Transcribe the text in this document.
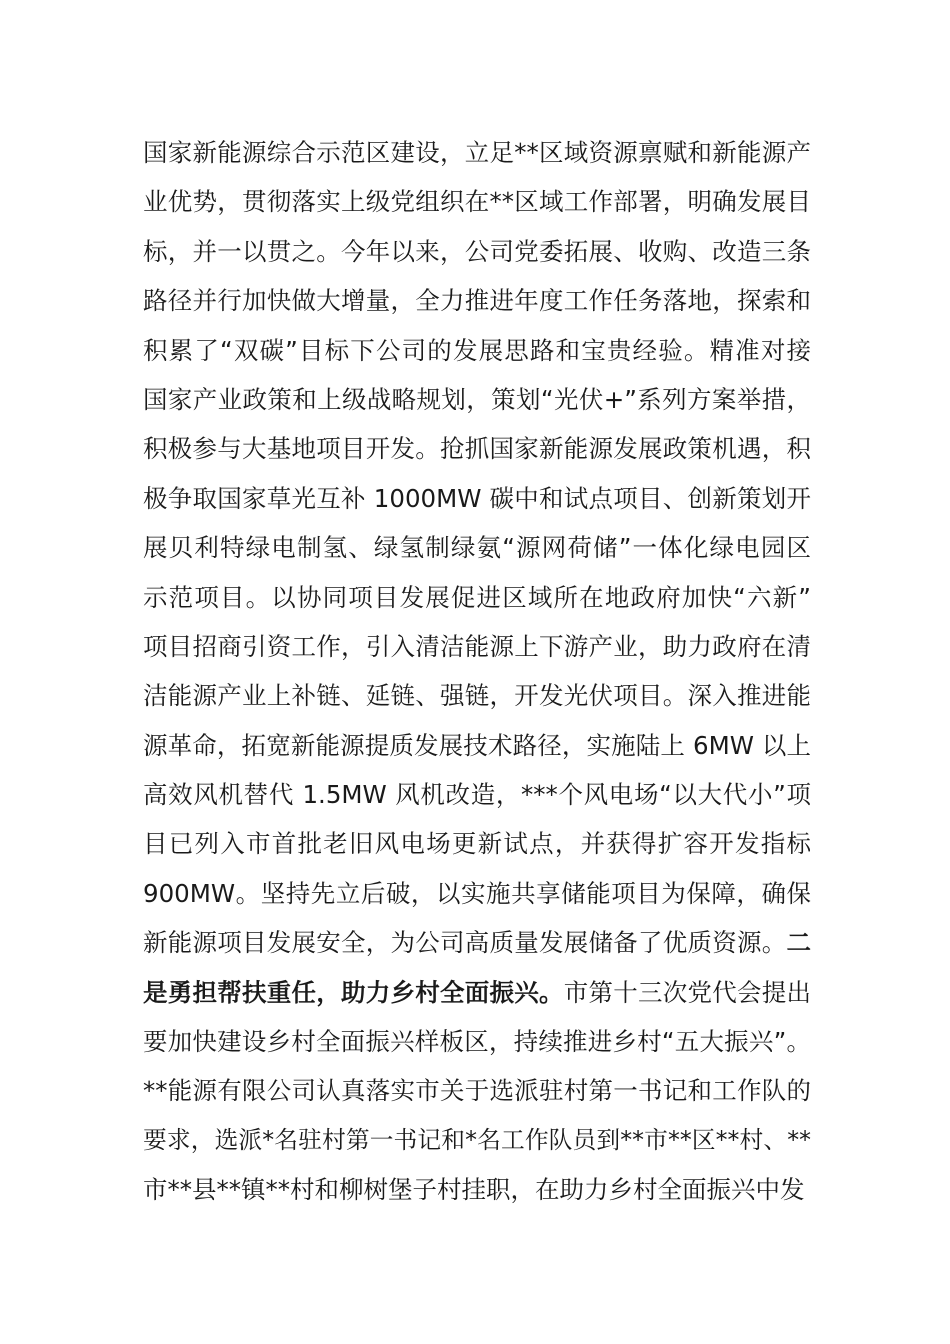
国家新能源综合示范区建设，立足**区域资源禀赋和新能源产
业优势，贯彻落实上级党组织在**区域工作部署，明确发展目
标，并一以贯之。今年以来，公司党委拓展、收购、改造三条
路径并行加快做大增量，全力推进年度工作任务落地，探索和
积累了“双碳”目标下公司的发展思路和宝贵经验。精准对接
国家产业政策和上级战略规划，策划“光伏+”系列方案举措，
积极参与大基地项目开发。抢抓国家新能源发展政策机遇，积
极争取国家草光互补 1000MW 碳中和试点项目、创新策划开
展贝利特绿电制氢、绿氢制绿氨“源网荷储”一体化绿电园区
示范项目。以协同项目发展促进区域所在地政府加快“六新”
项目招商引资工作，引入清洁能源上下游产业，助力政府在清
洁能源产业上补链、延链、强链，开发光伏项目。深入推进能
源革命，拓宽新能源提质发展技术路径，实施陆上 6MW 以上
高效风机替代 1.5MW 风机改造，***个风电场“以大代小”项
目已列入市首批老旧风电场更新试点，并获得扩容开发指标
900MW。坚持先立后破，以实施共享储能项目为保障，确保
新能源项目发展安全，为公司高质量发展储备了优质资源。二
是勇担帮扶重任，助力乡村全面振兴。市第十三次党代会提出
要加快建设乡村全面振兴样板区，持续推进乡村“五大振兴”。
**能源有限公司认真落实市关于选派驻村第一书记和工作队的
要求，选派*名驻村第一书记和*名工作队员到**市**区**村、**
市**县**镇**村和柳树堡子村挂职，在助力乡村全面振兴中发
